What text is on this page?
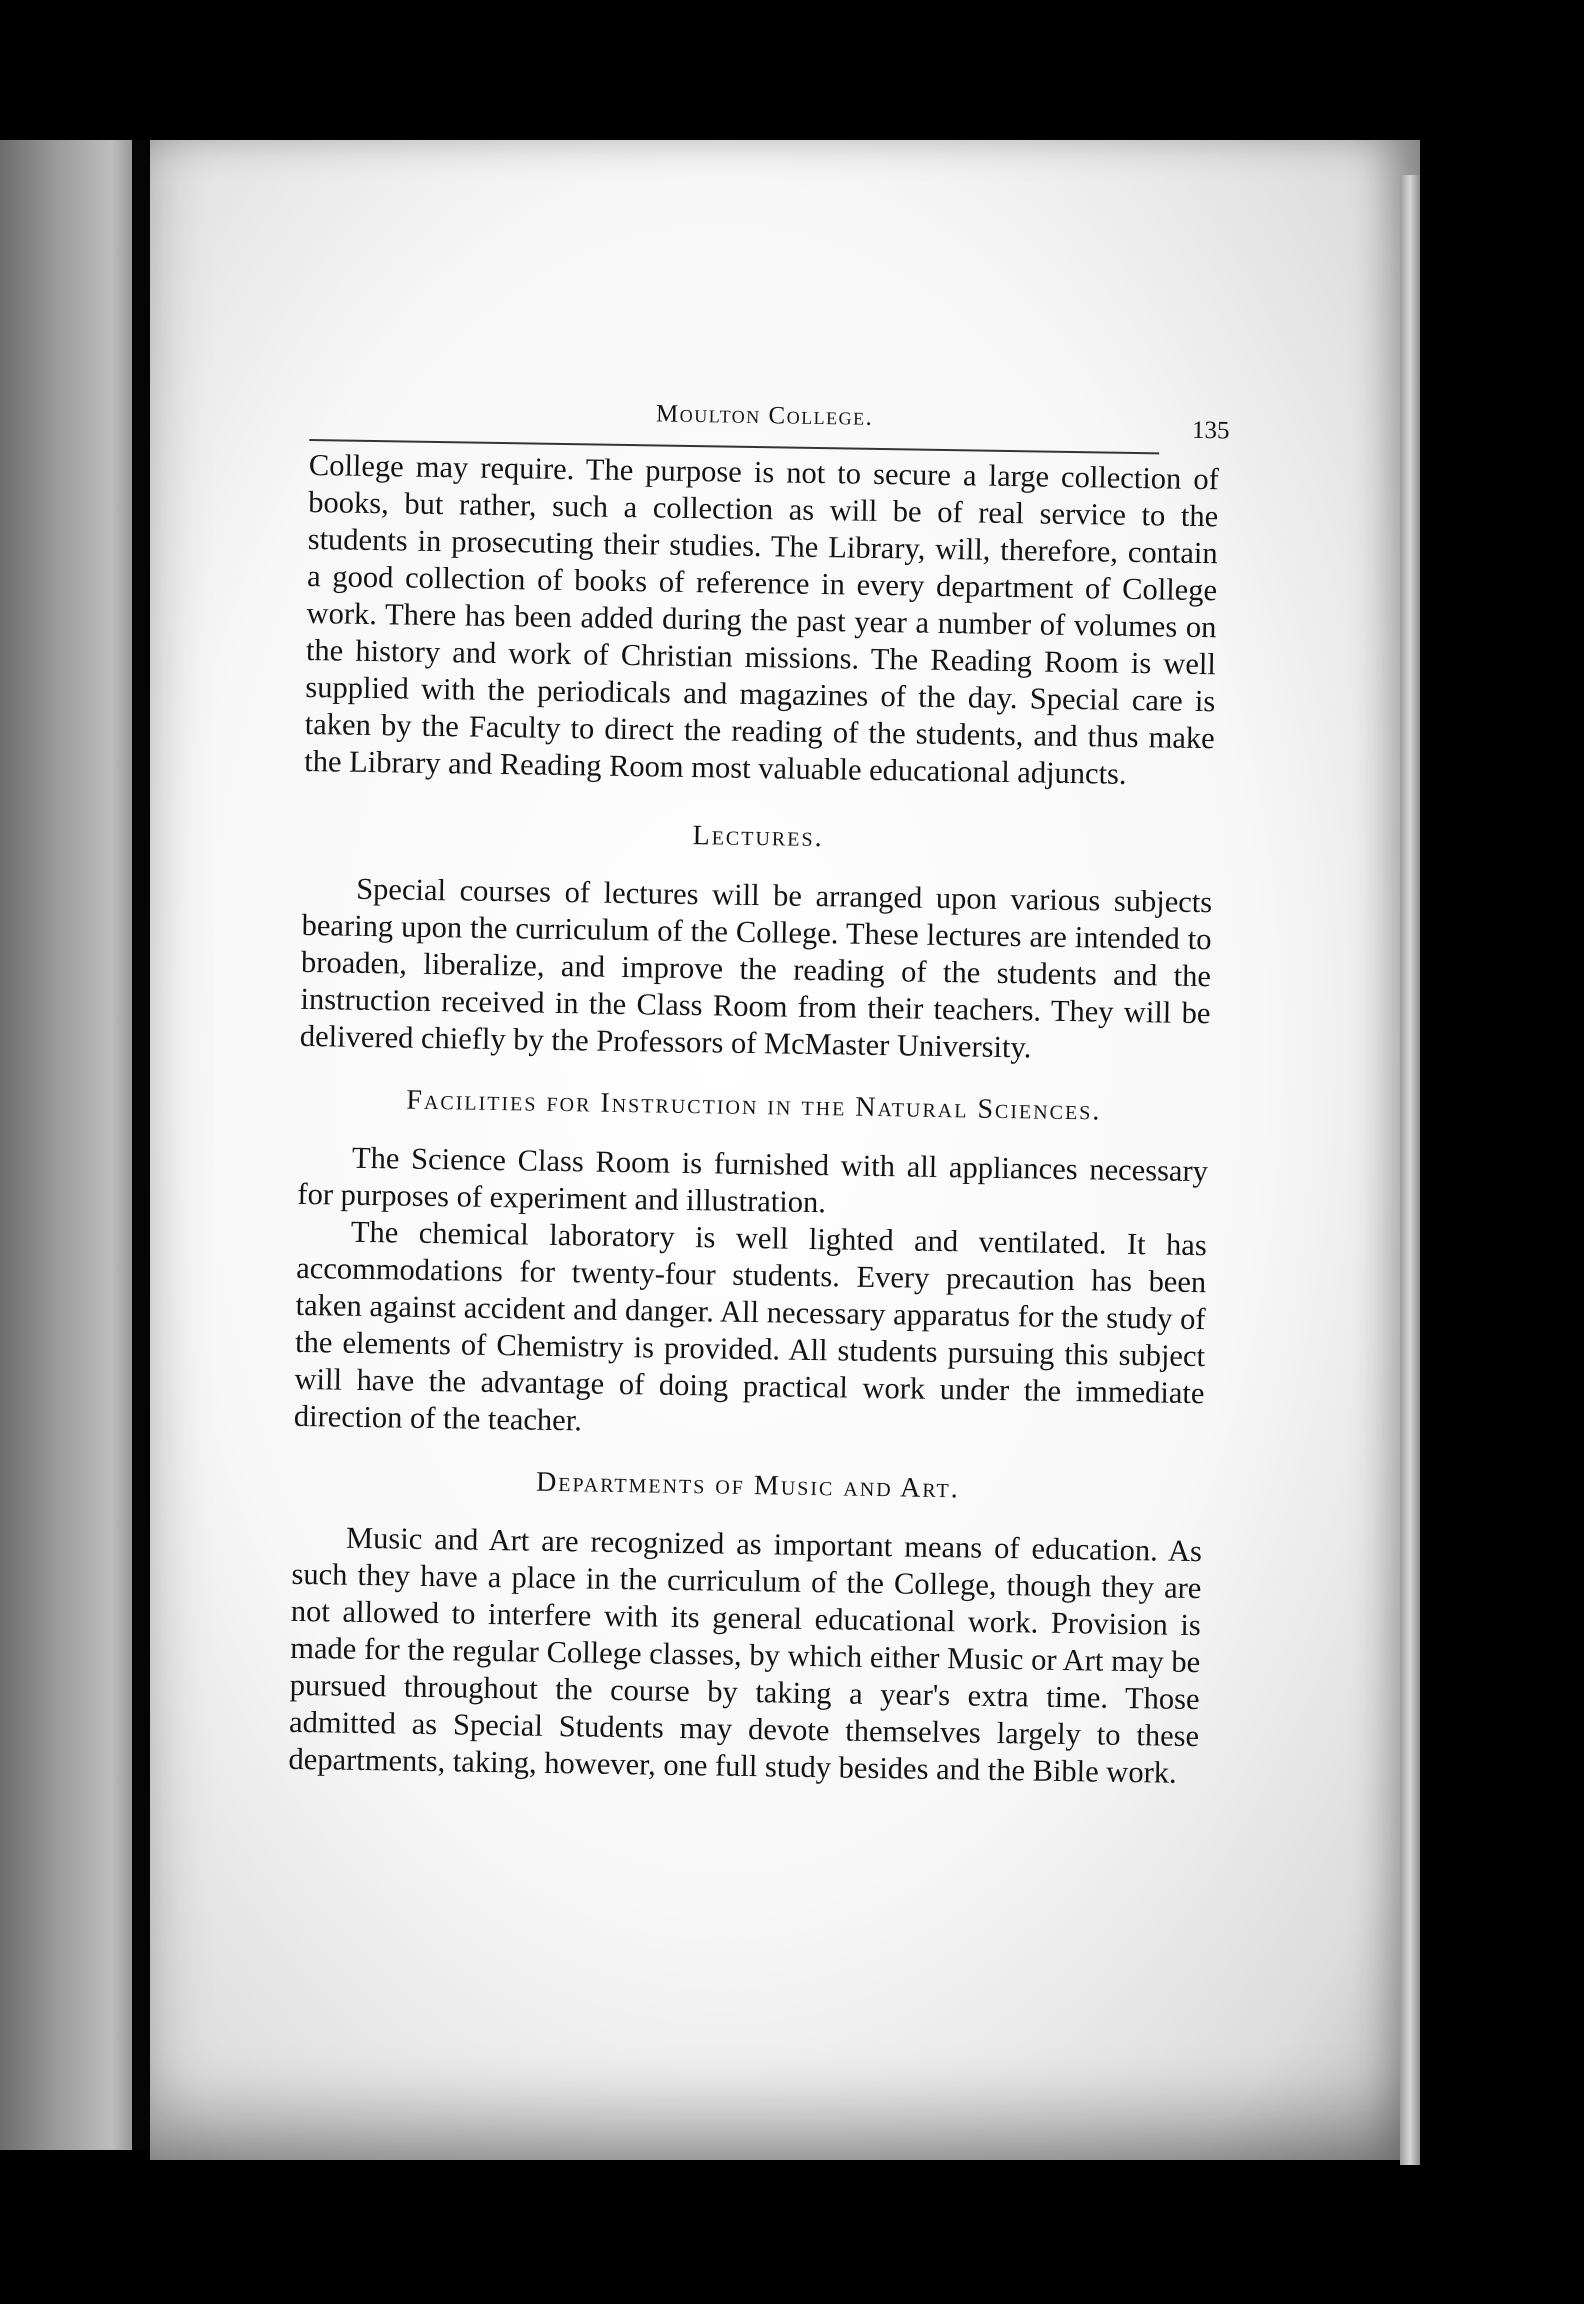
Moulton College.	135

College may require. The purpose is not to secure a large collection of books, but rather, such a collection as will be of real service to the students in prosecuting their studies. The Library, will, therefore, contain a good collection of books of reference in every department of College work. There has been added during the past year a number of volumes on the history and work of Christian missions. The Reading Room is well supplied with the periodicals and magazines of the day. Special care is taken by the Faculty to direct the reading of the students, and thus make the Library and Reading Room most valuable educational adjuncts.

Lectures.

Special courses of lectures will be arranged upon various subjects bearing upon the curriculum of the College. These lectures are intended to broaden, liberalize, and improve the reading of the students and the instruction received in the Class Room from their teachers. They will be delivered chiefly by the Professors of McMaster University.

Facilities for Instruction in the Natural Sciences.

The Science Class Room is furnished with all appliances necessary for purposes of experiment and illustration.

The chemical laboratory is well lighted and ventilated. It has accommodations for twenty-four students. Every precaution has been taken against accident and danger. All necessary apparatus for the study of the elements of Chemistry is provided. All students pursuing this subject will have the advantage of doing practical work under the immediate direction of the teacher.

Departments of Music and Art.

Music and Art are recognized as important means of education. As such they have a place in the curriculum of the College, though they are not allowed to interfere with its general educational work. Provision is made for the regular College classes, by which either Music or Art may be pursued throughout the course by taking a year's extra time. Those admitted as Special Students may devote themselves largely to these departments, taking, however, one full study besides and the Bible work.
